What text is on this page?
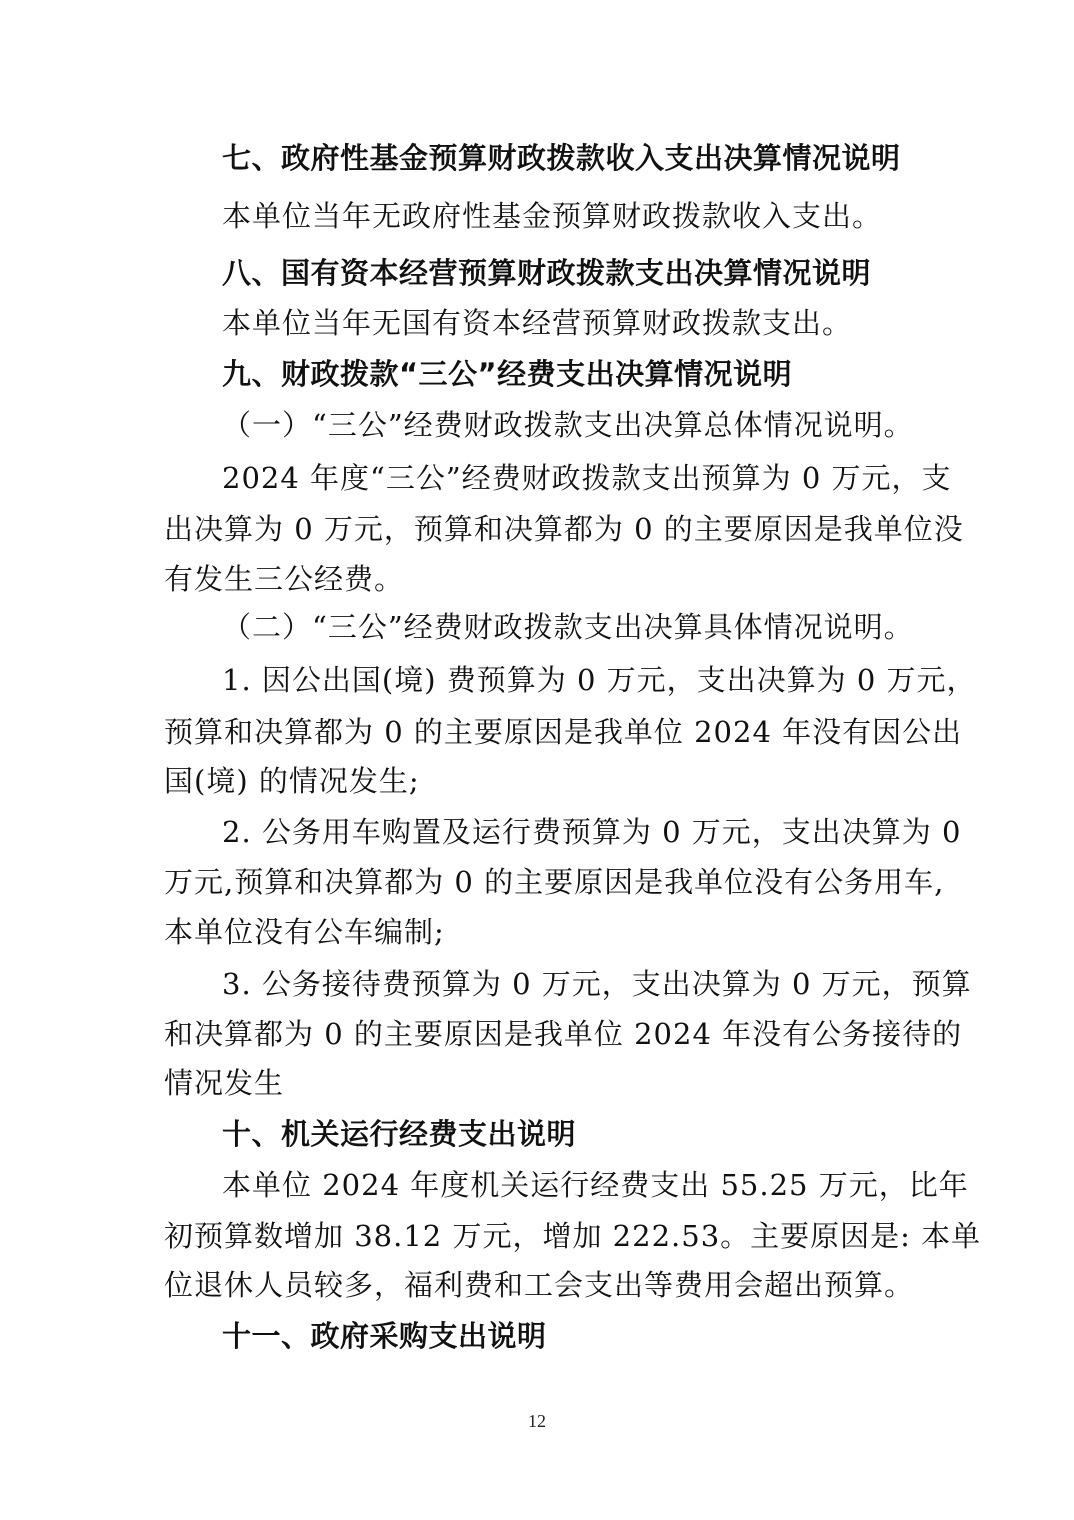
七、政府性基金预算财政拨款收入支出决算情况说明
本单位当年无政府性基金预算财政拨款收入支出。
八、国有资本经营预算财政拨款支出决算情况说明
本单位当年无国有资本经营预算财政拨款支出。
九、财政拨款“三公”经费支出决算情况说明
（一）“三公”经费财政拨款支出决算总体情况说明。
2024 年度“三公”经费财政拨款支出预算为 0 万元，支
出决算为 0 万元，预算和决算都为 0 的主要原因是我单位没
有发生三公经费。
（二）“三公”经费财政拨款支出决算具体情况说明。
1. 因公出国(境) 费预算为 0 万元，支出决算为 0 万元，
预算和决算都为 0 的主要原因是我单位 2024 年没有因公出
国(境) 的情况发生;
2. 公务用车购置及运行费预算为 0 万元，支出决算为 0
万元,预算和决算都为 0 的主要原因是我单位没有公务用车,
本单位没有公车编制;
3. 公务接待费预算为 0 万元，支出决算为 0 万元，预算
和决算都为 0 的主要原因是我单位 2024 年没有公务接待的
情况发生
十、机关运行经费支出说明
本单位 2024 年度机关运行经费支出 55.25 万元，比年
初预算数增加 38.12 万元，增加 222.53。主要原因是: 本单
位退休人员较多，福利费和工会支出等费用会超出预算。
十一、政府采购支出说明
12
